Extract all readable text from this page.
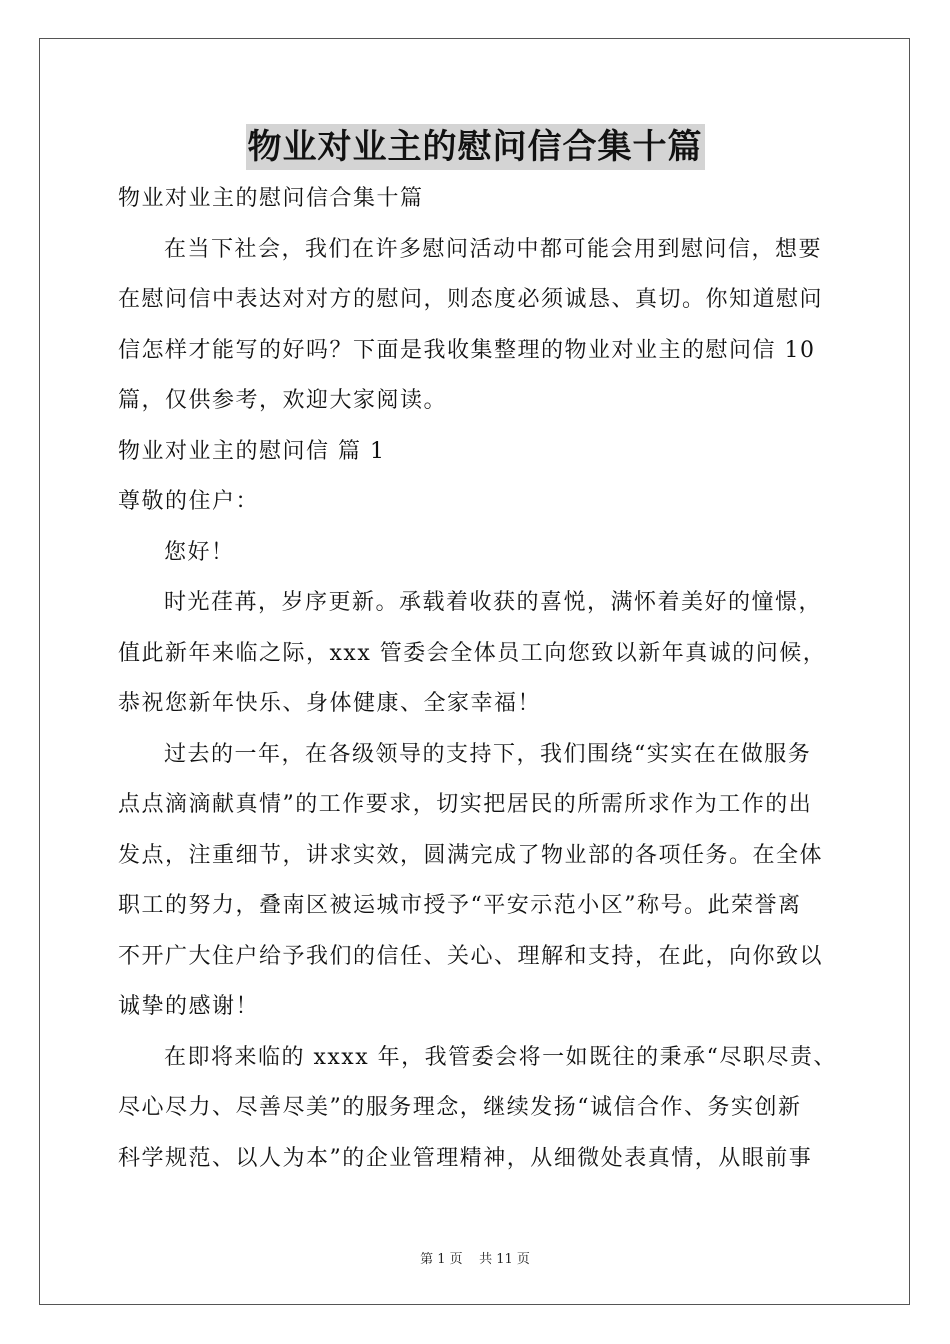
物业对业主的慰问信合集十篇

物业对业主的慰问信合集十篇

在当下社会，我们在许多慰问活动中都可能会用到慰问信，想要

在慰问信中表达对对方的慰问，则态度必须诚恳、真切。你知道慰问

信怎样才能写的好吗？下面是我收集整理的物业对业主的慰问信 10

篇，仅供参考，欢迎大家阅读。

物业对业主的慰问信 篇 1

尊敬的住户：

您好！

时光荏苒，岁序更新。承载着收获的喜悦，满怀着美好的憧憬，

值此新年来临之际，xxx 管委会全体员工向您致以新年真诚的问候，

恭祝您新年快乐、身体健康、全家幸福！

过去的一年，在各级领导的支持下，我们围绕“实实在在做服务

点点滴滴献真情”的工作要求，切实把居民的所需所求作为工作的出

发点，注重细节，讲求实效，圆满完成了物业部的各项任务。在全体

职工的努力，叠南区被运城市授予“平安示范小区”称号。此荣誉离

不开广大住户给予我们的信任、关心、理解和支持，在此，向你致以

诚挚的感谢！

在即将来临的 xxxx 年，我管委会将一如既往的秉承“尽职尽责、

尽心尽力、尽善尽美”的服务理念，继续发扬“诚信合作、务实创新

科学规范、以人为本”的企业管理精神，从细微处表真情，从眼前事

第 1 页    共 11 页
